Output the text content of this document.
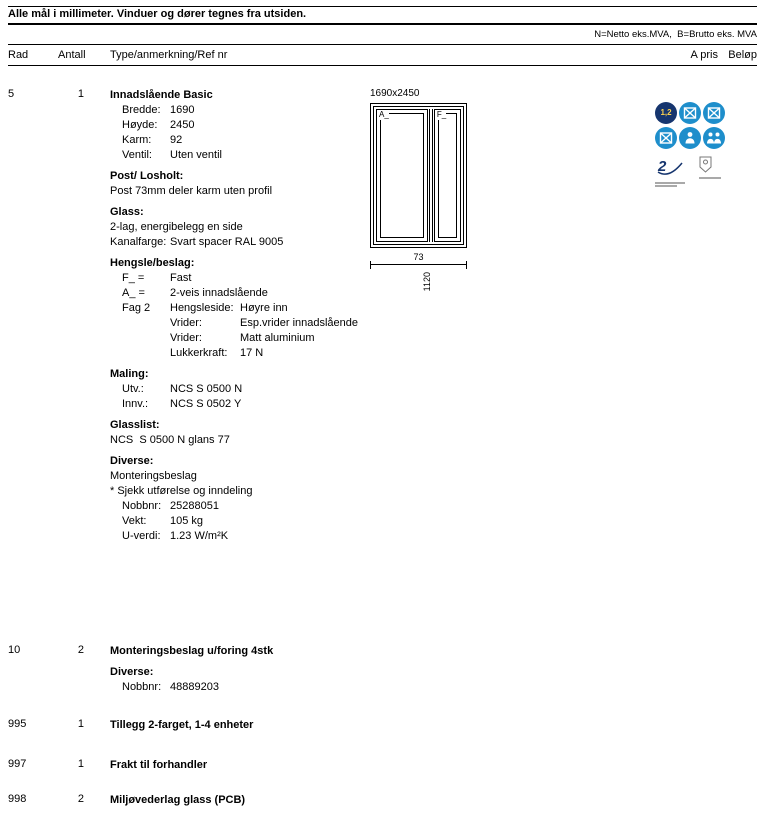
Alle mål i millimeter. Vinduer og dører tegnes fra utsiden.
N=Netto eks.MVA,  B=Brutto eks. MVA
Rad	Antall Type/anmerkning/Ref nr	A pris Beløp
5	1 Innadslående Basic
Bredde: 1690
Høyde:	2450
Karm:	92
Ventil:	Uten ventil
Post/ Losholt:
Post 73mm deler karm uten profil
Glass:
2-lag, energibelegg en side
Kanalfarge: Svart spacer RAL 9005
Hengsle/beslag:
F_ =	Fast
A_ =	2-veis innadslående
Fag 2	Hengsleside: Høyre inn
Vrider:	Esp.vrider innadslående
Vrider:	Matt aluminium
Lukkerkraft:	17 N
Maling:
Utv.:	NCS S 0500 N
Innv.:	NCS S 0502 Y
Glasslist:
NCS  S 0500 N glans 77
Diverse:
Monteringsbeslag
* Sjekk utførelse og inndeling
Nobbnr: 25288051
Vekt:	105 kg
U-verdi: 1.23 W/m²K
1690x2450
A_	F_
73
1120
1,2
2
10	2 Monteringsbeslag u/foring 4stk
Diverse:
Nobbnr: 48889203
995	1 Tillegg 2-farget, 1-4 enheter
997	1 Frakt til forhandler
998	2 Miljøvederlag glass (PCB)
